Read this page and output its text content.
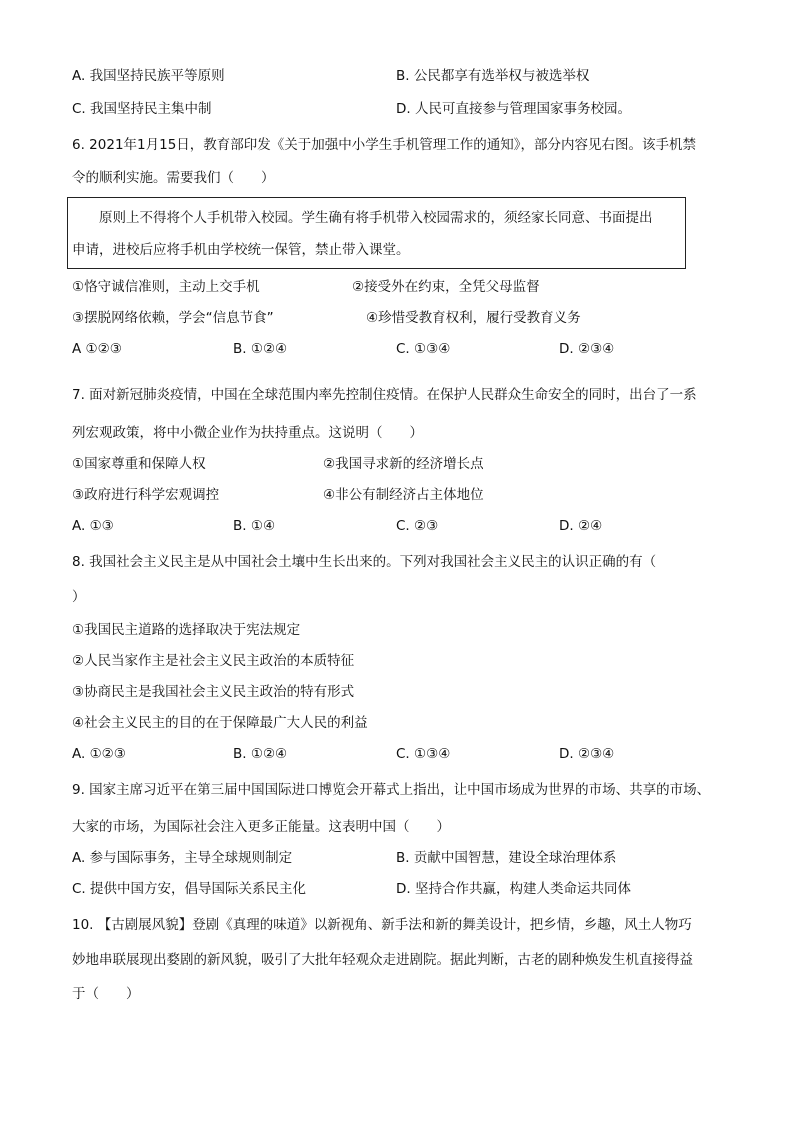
A. 我国坚持民族平等原则	B. 公民都享有选举权与被选举权
C. 我国坚持民主集中制	D. 人民可直接参与管理国家事务校园。
6. 2021年1月15日，教育部印发《关于加强中小学生手机管理工作的通知》，部分内容见右图。该手机禁
令的顺利实施。需要我们（　　）
原则上不得将个人手机带入校园。学生确有将手机带入校园需求的，须经家长同意、书面提出
申请，进校后应将手机由学校统一保管，禁止带入课堂。
①恪守诚信准则，主动上交手机	②接受外在约束，全凭父母监督
③摆脱网络依赖，学会“信息节食”	④珍惜受教育权利，履行受教育义务
A ①②③	B. ①②④	C. ①③④	D. ②③④
7. 面对新冠肺炎疫情，中国在全球范围内率先控制住疫情。在保护人民群众生命安全的同时，出台了一系
列宏观政策，将中小微企业作为扶持重点。这说明（　　）
①国家尊重和保障人权	②我国寻求新的经济增长点
③政府进行科学宏观调控	④非公有制经济占主体地位
A. ①③	B. ①④	C. ②③	D. ②④
8. 我国社会主义民主是从中国社会土壤中生长出来的。下列对我国社会主义民主的认识正确的有（
）
①我国民主道路的选择取决于宪法规定
②人民当家作主是社会主义民主政治的本质特征
③协商民主是我国社会主义民主政治的特有形式
④社会主义民主的目的在于保障最广大人民的利益
A. ①②③	B. ①②④	C. ①③④	D. ②③④
9. 国家主席习近平在第三届中国国际进口博览会开幕式上指出，让中国市场成为世界的市场、共享的市场、
大家的市场，为国际社会注入更多正能量。这表明中国（　　）
A. 参与国际事务，主导全球规则制定	B. 贡献中国智慧，建设全球治理体系
C. 提供中国方安，倡导国际关系民主化	D. 坚持合作共赢，构建人类命运共同体
10. 【古剧展风貌】登剧《真理的味道》以新视角、新手法和新的舞美设计，把乡情，乡趣，风土人物巧
妙地串联展现出婺剧的新风貌，吸引了大批年轻观众走进剧院。据此判断，古老的剧种焕发生机直接得益
于（　　）
